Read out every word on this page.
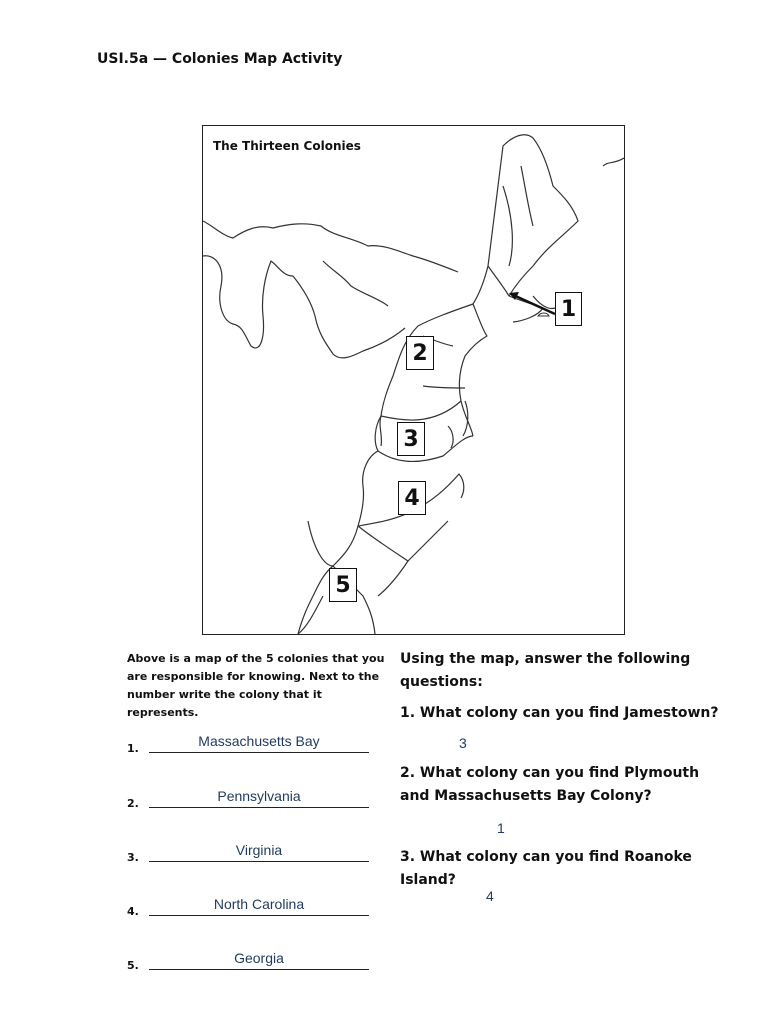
USI.5a — Colonies Map Activity
The Thirteen Colonies
1
2
3
4
5
Above is a map of the 5 colonies that you are responsible for knowing. Next to the number write the colony that it represents.
1.	Massachusetts Bay
2.	Pennsylvania
3.	Virginia
4.	North Carolina
5.	Georgia
Using the map, answer the following questions:
1. What colony can you find Jamestown?
3
2. What colony can you find Plymouth and Massachusetts Bay Colony?
1
3. What colony can you find Roanoke Island?
4
